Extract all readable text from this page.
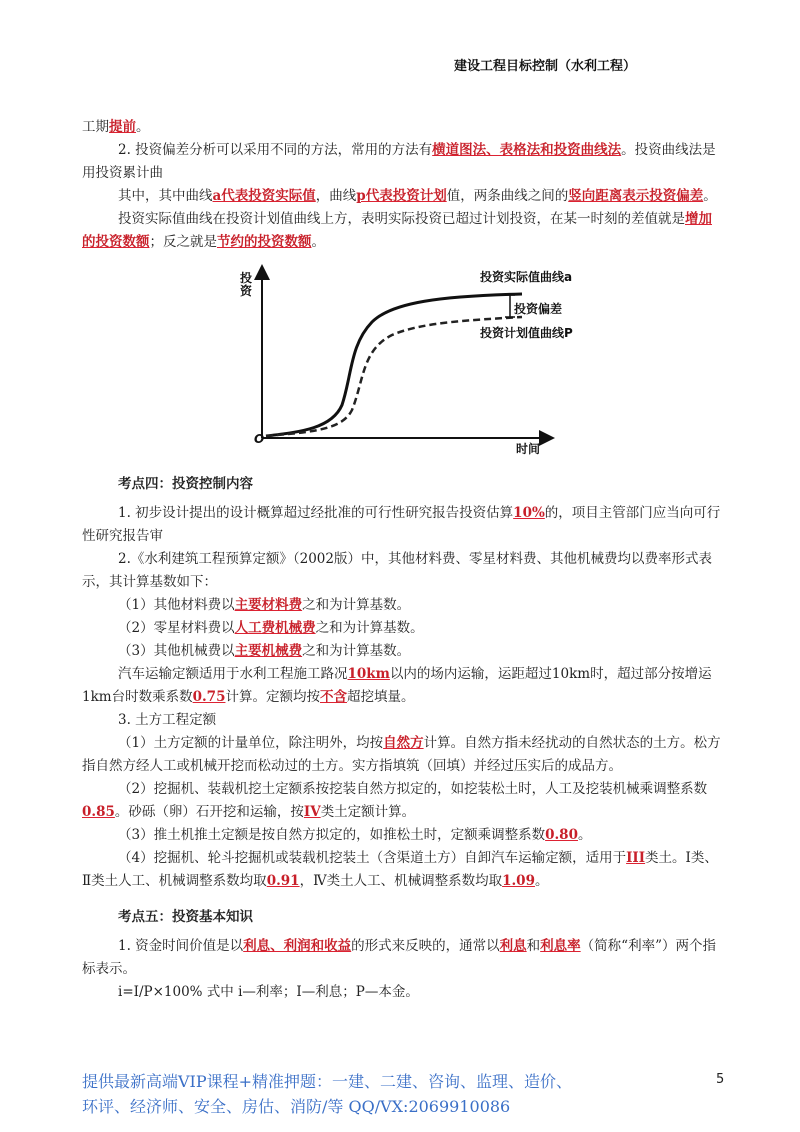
建设工程目标控制（水利工程）

工期提前。

2. 投资偏差分析可以采用不同的方法，常用的方法有横道图法、表格法和投资曲线法。投资曲线法是用投资累计曲

其中，其中曲线a代表投资实际值，曲线p代表投资计划值，两条曲线之间的竖向距离表示投资偏差。

投资实际值曲线在投资计划值曲线上方，表明实际投资已超过计划投资，在某一时刻的差值就是增加的投资数额；反之就是节约的投资数额。

投资
O
时间
投资实际值曲线a
投资偏差
投资计划值曲线P
考点四：投资控制内容

1. 初步设计提出的设计概算超过经批准的可行性研究报告投资估算10%的，项目主管部门应当向可行性研究报告审

2.《水利建筑工程预算定额》（2002版）中，其他材料费、零星材料费、其他机械费均以费率形式表示，其计算基数如下：

（1）其他材料费以主要材料费之和为计算基数。

（2）零星材料费以人工费机械费之和为计算基数。

（3）其他机械费以主要机械费之和为计算基数。

汽车运输定额适用于水利工程施工路况10km以内的场内运输，运距超过10km时，超过部分按增运1km台时数乘系数0.75计算。定额均按不含超挖填量。

3. 土方工程定额

（1）土方定额的计量单位，除注明外，均按自然方计算。自然方指未经扰动的自然状态的土方。松方指自然方经人工或机械开挖而松动过的土方。实方指填筑（回填）并经过压实后的成品方。

（2）挖掘机、装载机挖土定额系按挖装自然方拟定的，如挖装松土时，人工及挖装机械乘调整系数0.85。砂砾（卵）石开挖和运输，按IV类土定额计算。

（3）推土机推土定额是按自然方拟定的，如推松土时，定额乘调整系数0.80。

（4）挖掘机、轮斗挖掘机或装载机挖装土（含渠道土方）自卸汽车运输定额，适用于III类土。Ⅰ类、Ⅱ类土人工、机械调整系数均取0.91，Ⅳ类土人工、机械调整系数均取1.09。

考点五：投资基本知识

1. 资金时间价值是以利息、利润和收益的形式来反映的，通常以利息和利息率（简称“利率”）两个指标表示。

i=I/P×100% 式中 i—利率；I—利息；P—本金。

提供最新高端VIP课程+精准押题：一建、二建、咨询、监理、造价、
环评、经济师、安全、房估、消防/等 QQ/VX:2069910086
5
